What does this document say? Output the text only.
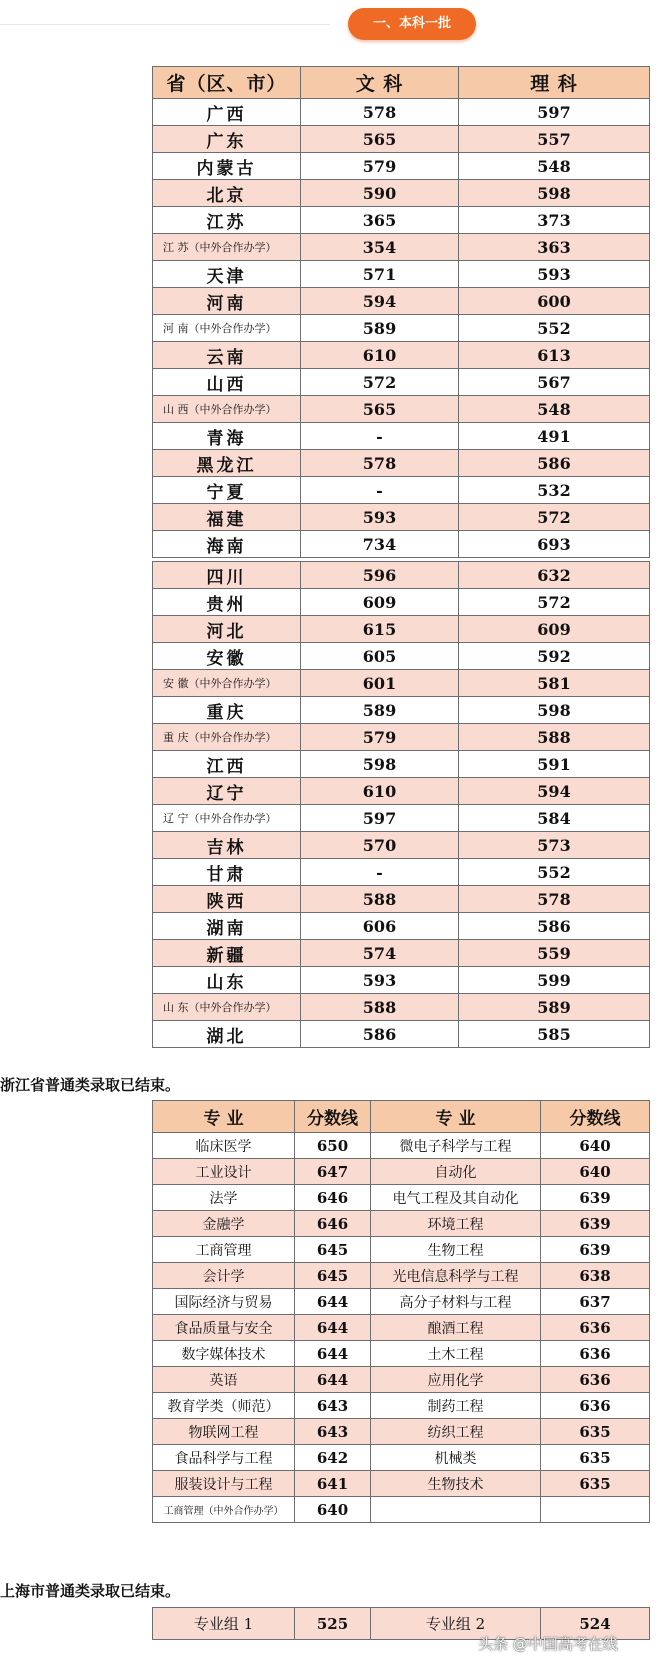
一、本科一批
省（区、市）	文 科	理 科
广西	578	597
广东	565	557
内蒙古	579	548
北京	590	598
江苏	365	373
江 苏（中外合作办学）	354	363
天津	571	593
河南	594	600
河 南（中外合作办学）	589	552
云南	610	613
山西	572	567
山 西（中外合作办学）	565	548
青海	-	491
黑龙江	578	586
宁夏	-	532
福建	593	572
海南	734	693

四川	596	632
贵州	609	572
河北	615	609
安徽	605	592
安 徽（中外合作办学）	601	581
重庆	589	598
重 庆（中外合作办学）	579	588
江西	598	591
辽宁	610	594
辽 宁（中外合作办学）	597	584
吉林	570	573
甘肃	-	552
陕西	588	578
湖南	606	586
新疆	574	559
山东	593	599
山 东（中外合作办学）	588	589
湖北	586	585
浙江省普通类录取已结束。
专 业	分数线	专 业	分数线
临床医学	650	微电子科学与工程	640
工业设计	647	自动化	640
法学	646	电气工程及其自动化	639
金融学	646	环境工程	639
工商管理	645	生物工程	639
会计学	645	光电信息科学与工程	638
国际经济与贸易	644	高分子材料与工程	637
食品质量与安全	644	酿酒工程	636
数字媒体技术	644	土木工程	636
英语	644	应用化学	636
教育学类（师范）	643	制药工程	636
物联网工程	643	纺织工程	635
食品科学与工程	642	机械类	635
服装设计与工程	641	生物技术	635
工商管理（中外合作办学）	640		
上海市普通类录取已结束。
专业组 1	525	专业组 2	524
头条 @中国高考在线
